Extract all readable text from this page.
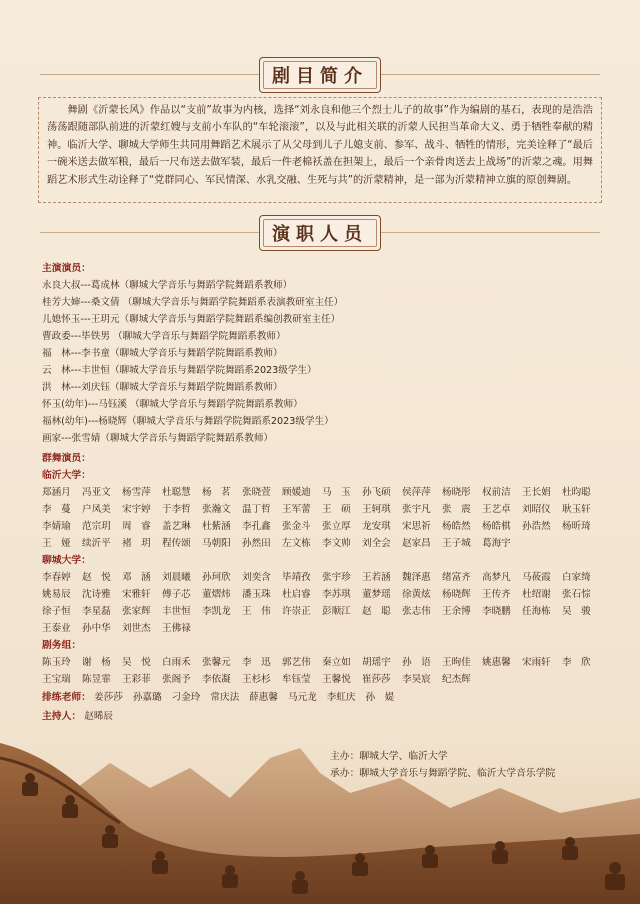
剧目简介

舞剧《沂蒙长风》作品以“支前”故事为内核，选择“刘永良和他三个烈士儿子的故事”作为编剧的基石，表现的是浩浩荡荡跟随部队前进的沂蒙红嫂与支前小车队的“车轮滚滚”，以及与此相关联的沂蒙人民担当革命大义、勇于牺牲奉献的精神。临沂大学、聊城大学师生共同用舞蹈艺术展示了从父母到儿子儿媳支前、参军、战斗、牺牲的情形，完美诠释了“最后一碗米送去做军粮，最后一尺布送去做军装，最后一件老棉袄盖在担架上，最后一个亲骨肉送去上战场”的沂蒙之魂。用舞蹈艺术形式生动诠释了“党群同心、军民情深、水乳交融、生死与共”的沂蒙精神，是一部为沂蒙精神立旗的原创舞剧。

演职人员
主演演员：
永良大叔---葛成林（聊城大学音乐与舞蹈学院舞蹈系教师）
桂芳大婶---桑文倩 （聊城大学音乐与舞蹈学院舞蹈系表演教研室主任）
儿媳怀玉---王玥元（聊城大学音乐与舞蹈学院舞蹈系编创教研室主任）
曹政委---毕铁男 （聊城大学音乐与舞蹈学院舞蹈系教师）
福　林---李书童（聊城大学音乐与舞蹈学院舞蹈系教师）
云　林---丰世恒（聊城大学音乐与舞蹈学院舞蹈系2023级学生）
洪　林---刘庆钰（聊城大学音乐与舞蹈学院舞蹈系教师）
怀玉(幼年)---马钰溪 （聊城大学音乐与舞蹈学院舞蹈系教师）
福林(幼年)---杨晓辉（聊城大学音乐与舞蹈学院舞蹈系2023级学生）
画家---张雪婧（聊城大学音乐与舞蹈学院舞蹈系教师）
群舞演员：
临沂大学：
郑涵月	冯亚文	杨雪萍	杜聪慧	杨　茗	张晓萱	顾媛迪	马　玉	孙飞硕	侯萍萍	杨晓彤	权前洁	王长娟	杜昀聪
李　蔓	户凤美	宋宇婷	于李哲	张瀚文	温丁哲	王军蕾	王　硕	王轲琪	张宇凡	张　震	王艺卓	刘昭仪	耿玉轩
李婧瑜	范宗玥	周　睿	盖艺琳	杜紫涵	李孔鑫	张金斗	张立厚	龙安琪	宋思祈	杨皓然	杨皓棋	孙浩然	杨昕琦
王　娅	续沂平	褚　玥	程传颂	马朝阳	孙然田	左文栋	李文帅	刘全会	赵家昌	王子城	葛海宇
聊城大学：
李春婷	赵　悦	邓　涵	刘晨曦	孙珂欣	刘奕含	毕靖孜	张宇珍	王若涵	魏泽惠	绪富齐	高梦凡	马莜霞	白家绮
姚易辰	沈诗雅	宋雅轩	傅子芯	董熠炜	潘玉珠	杜启睿	李苏琪	董梦瑶	徐黄炫	杨晓辉	王传齐	杜绍谢	张石悰
徐子恒	李星磊	张家辉	丰世恒	李凯龙	王　伟	许崇正	彭顺江	赵　聪	张志伟	王余博	李晓鹏	任海栋	吴　骏
王泰业	孙中华	刘世杰	王佛禄
剧务组：
陈玉玲	谢　杨	吴　悦	白雨禾	张馨元	李　迅	郭艺伟	秦立如	胡瑶宇	孙　语	王昫佳	姚惠馨	宋雨轩	李　欣
王宝瑞	陈昱霏	王彩菲	张阁予	李依凝	王杉杉	牟钰莹	王馨悦	崔莎莎	李昊宸	纪杰辉
排练老师： 姜莎莎 孙嘉璐 刁金玲 常庆法 薛惠馨 马元龙 李虹庆 孙　媞
主持人： 赵晞辰
主办：聊城大学、临沂大学
承办：聊城大学音乐与舞蹈学院、临沂大学音乐学院
